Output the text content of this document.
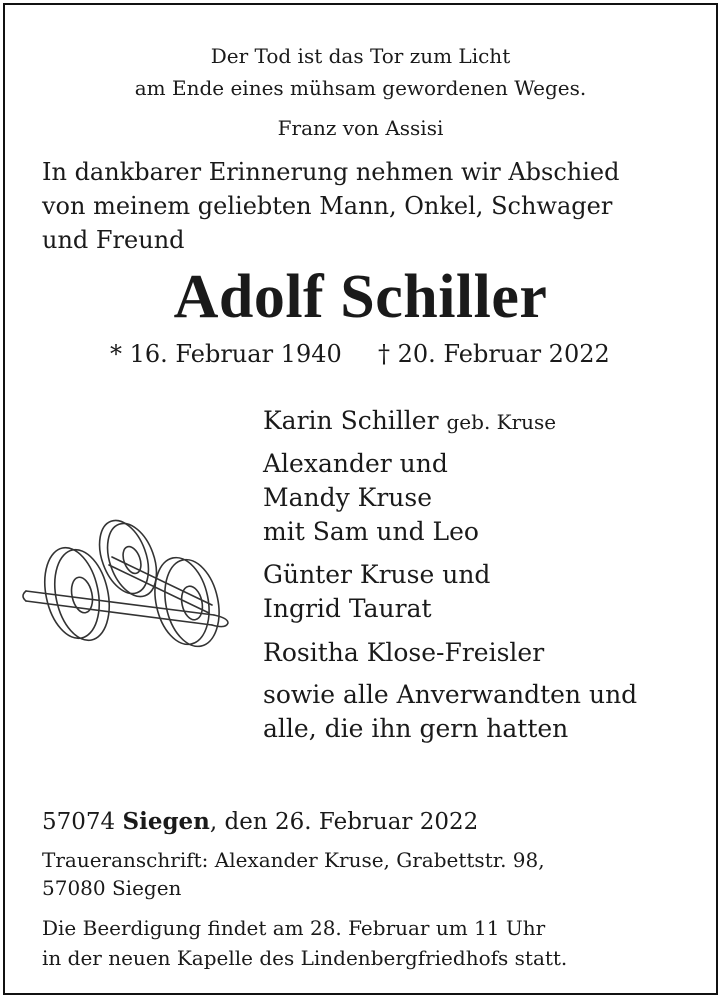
Der Tod ist das Tor zum Licht
am Ende eines mühsam gewordenen Weges.
Franz von Assisi
In dankbarer Erinnerung nehmen wir Abschied
von meinem geliebten Mann, Onkel, Schwager
und Freund
Adolf Schiller
* 16. Februar 1940 † 20. Februar 2022
Karin Schiller geb. Kruse
Alexander und
Mandy Kruse
mit Sam und Leo
Günter Kruse und
Ingrid Taurat
Rositha Klose-Freisler
sowie alle Anverwandten und
alle, die ihn gern hatten
57074 Siegen, den 26. Februar 2022
Traueranschrift: Alexander Kruse, Grabettstr. 98,
57080 Siegen
Die Beerdigung findet am 28. Februar um 11 Uhr
in der neuen Kapelle des Lindenbergfriedhofs statt.
